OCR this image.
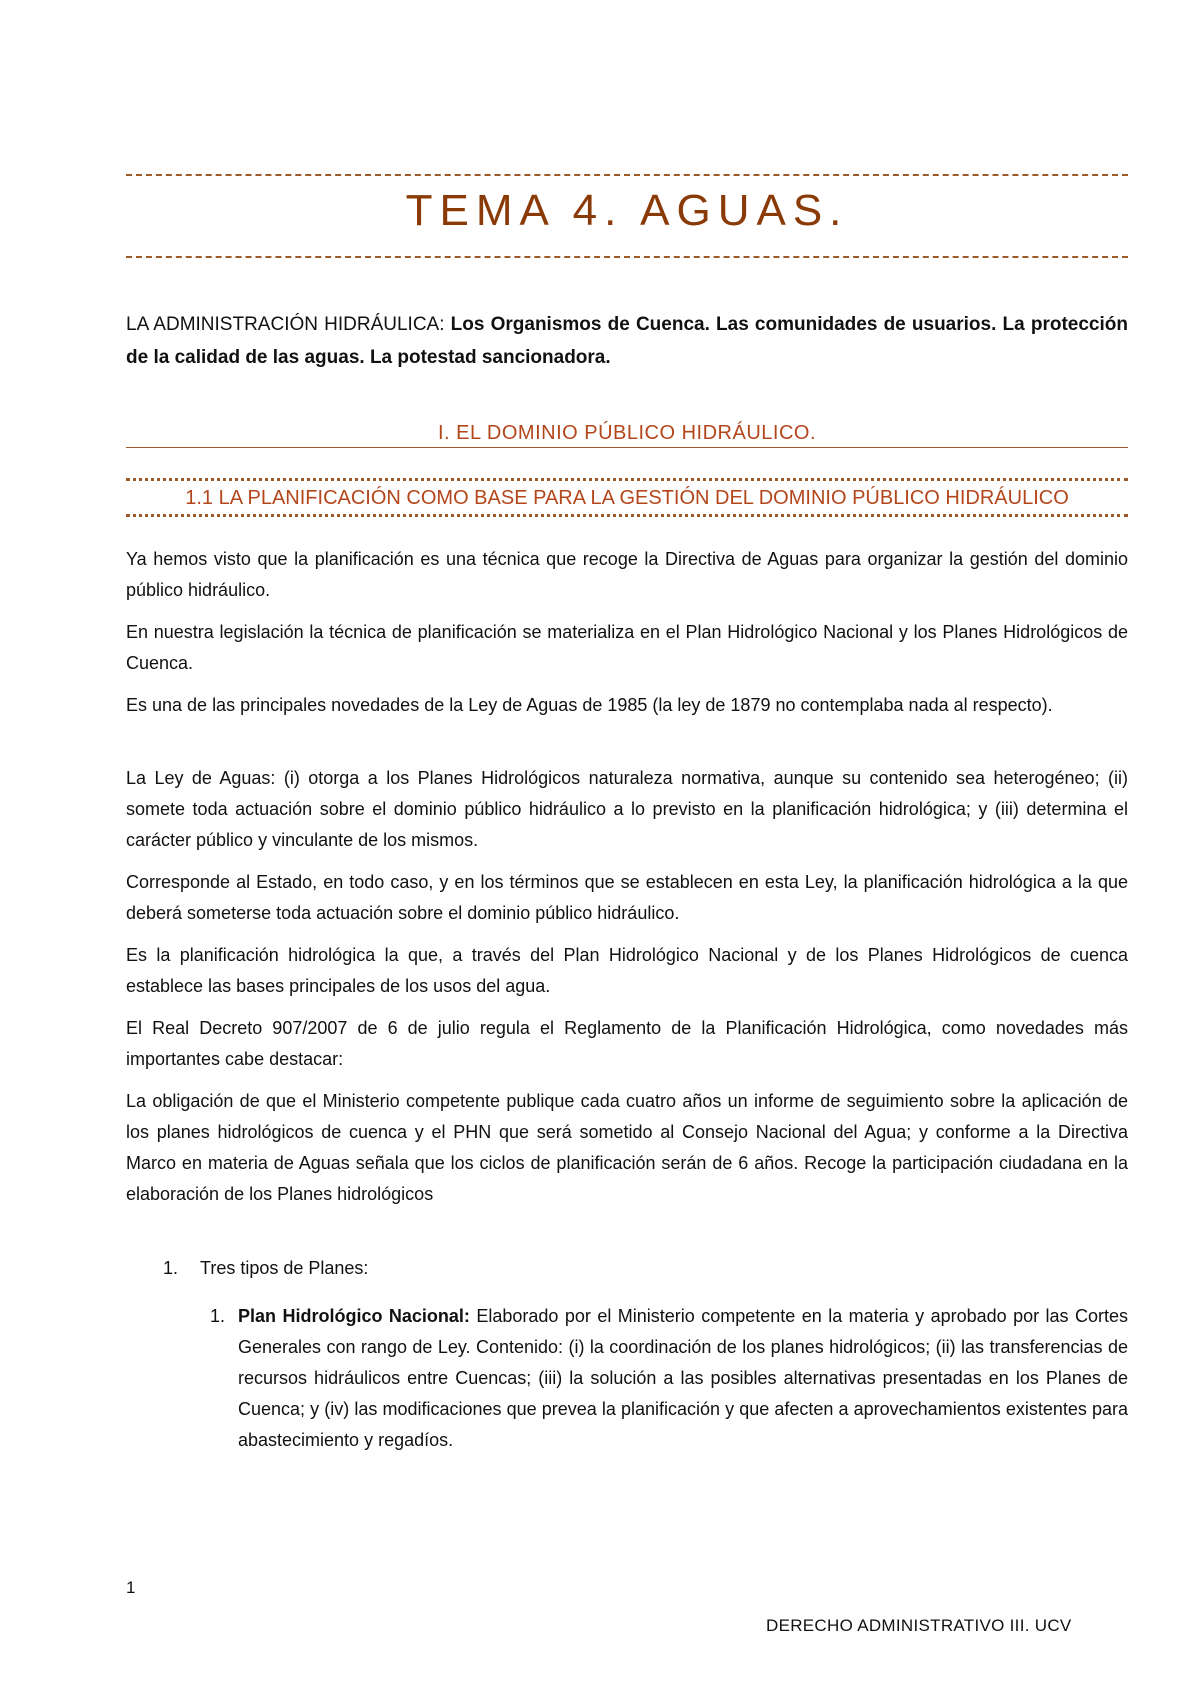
TEMA 4. AGUAS.
LA ADMINISTRACIÓN HIDRÁULICA: Los Organismos de Cuenca. Las comunidades de usuarios. La protección de la calidad de las aguas. La potestad sancionadora.
I. EL DOMINIO PÚBLICO HIDRÁULICO.
1.1 LA PLANIFICACIÓN COMO BASE PARA LA GESTIÓN DEL DOMINIO PÚBLICO HIDRÁULICO

Ya hemos visto que la planificación es una técnica que recoge la Directiva de Aguas para organizar la gestión del dominio público hidráulico.

En nuestra legislación la técnica de planificación se materializa en el Plan Hidrológico Nacional y los Planes Hidrológicos de Cuenca.

Es una de las principales novedades de la Ley de Aguas de 1985 (la ley de 1879 no contemplaba nada al respecto).

La Ley de Aguas: (i) otorga a los Planes Hidrológicos naturaleza normativa, aunque su contenido sea heterogéneo; (ii) somete toda actuación sobre el dominio público hidráulico a lo previsto en la planificación hidrológica; y (iii) determina el carácter público y vinculante de los mismos.

Corresponde al Estado, en todo caso, y en los términos que se establecen en esta Ley, la planificación hidrológica a la que deberá someterse toda actuación sobre el dominio público hidráulico.

Es la planificación hidrológica la que, a través del Plan Hidrológico Nacional y de los Planes Hidrológicos de cuenca establece las bases principales de los usos del agua.

El Real Decreto 907/2007 de 6 de julio regula el Reglamento de la Planificación Hidrológica, como novedades más importantes cabe destacar:

La obligación de que el Ministerio competente publique cada cuatro años un informe de seguimiento sobre la aplicación de los planes hidrológicos de cuenca y el PHN que será sometido al Consejo Nacional del Agua; y conforme a la Directiva Marco en materia de Aguas señala que los ciclos de planificación serán de 6 años. Recoge la participación ciudadana en la elaboración de los Planes hidrológicos

1.	Tres tipos de Planes:
1. Plan Hidrológico Nacional: Elaborado por el Ministerio competente en la materia y aprobado por las Cortes Generales con rango de Ley. Contenido: (i) la coordinación de los planes hidrológicos; (ii) las transferencias de recursos hidráulicos entre Cuencas; (iii) la solución a las posibles alternativas presentadas en los Planes de Cuenca; y (iv) las modificaciones que prevea la planificación y que afecten a aprovechamientos existentes para abastecimiento y regadíos.
1
DERECHO ADMINISTRATIVO III. UCV
